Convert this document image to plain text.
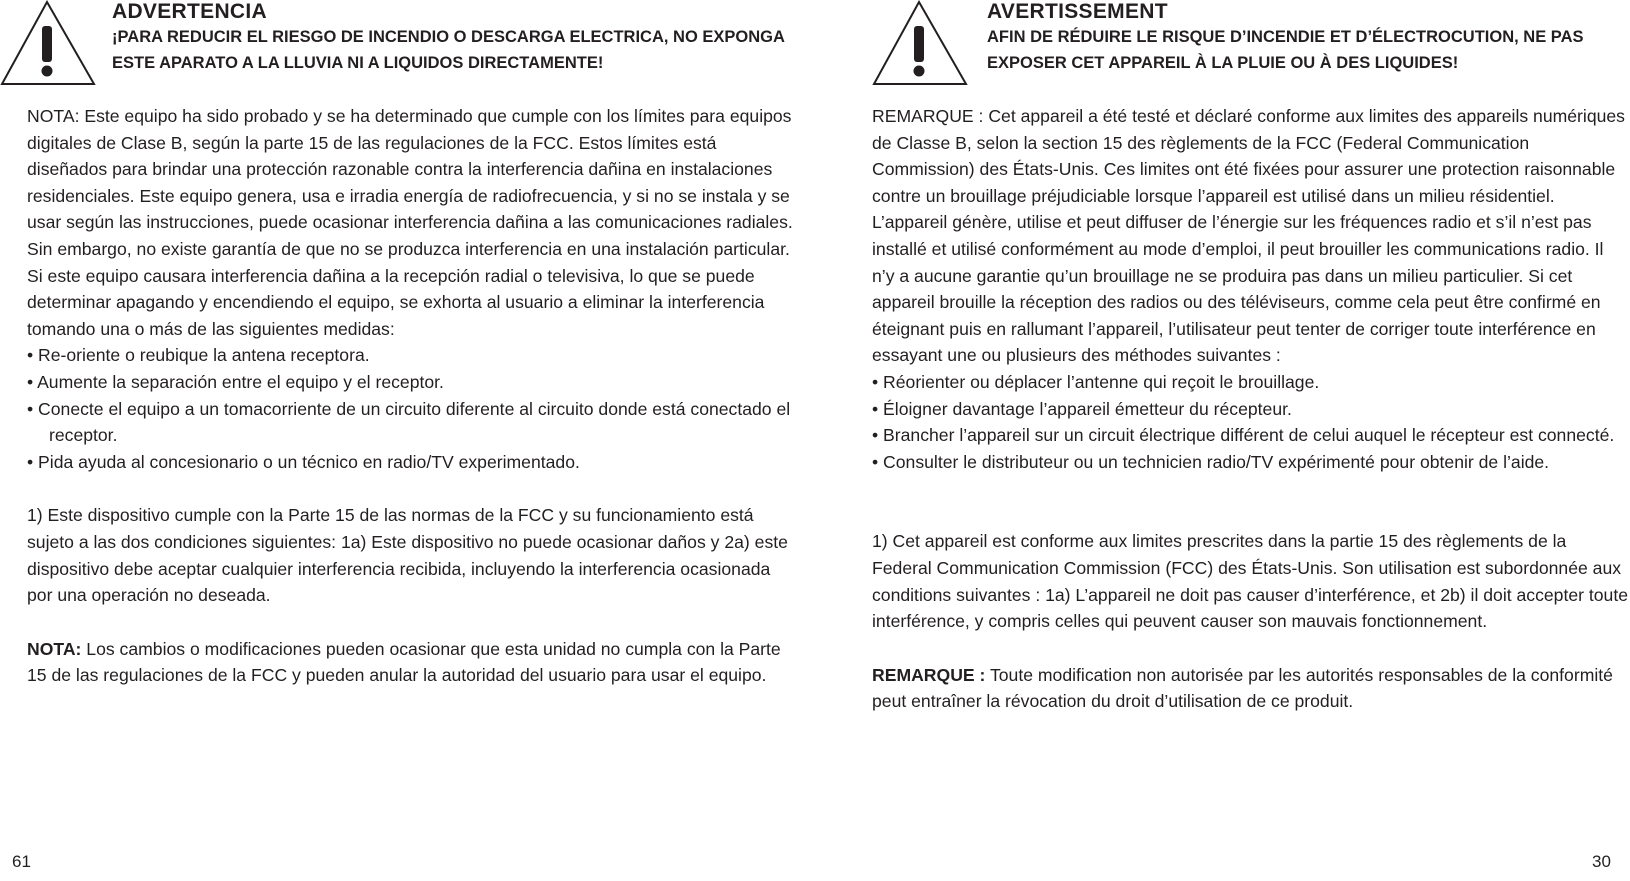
ADVERTENCIA
¡PARA REDUCIR EL RIESGO DE INCENDIO O DESCARGA ELECTRICA, NO EXPONGA ESTE APARATO A LA LLUVIA NI A LIQUIDOS DIRECTAMENTE!

NOTA: Este equipo ha sido probado y se ha determinado que cumple con los límites para equipos digitales de Clase B, según la parte 15 de las regulaciones de la FCC. Estos límites está diseñados para brindar una protección razonable contra la interferencia dañina en instalaciones residenciales. Este equipo genera, usa e irradia energía de radiofrecuencia, y si no se instala y se usar según las instrucciones, puede ocasionar interferencia dañina a las comunicaciones radiales. Sin embargo, no existe garantía de que no se produzca interferencia en una instalación particular. Si este equipo causara interferencia dañina a la recepción radial o televisiva, lo que se puede determinar apagando y encendiendo el equipo, se exhorta al usuario a eliminar la interferencia tomando una o más de las siguientes medidas:

• Re-oriente o reubique la antena receptora.
• Aumente la separación entre el equipo y el receptor.
• Conecte el equipo a un tomacorriente de un circuito diferente al circuito donde está conectado el receptor.
• Pida ayuda al concesionario o un técnico en radio/TV experimentado.

1) Este dispositivo cumple con la Parte 15 de las normas de la FCC y su funcionamiento está sujeto a las dos condiciones siguientes: 1a) Este dispositivo no puede ocasionar daños y 2a) este dispositivo debe aceptar cualquier interferencia recibida, incluyendo la interferencia ocasionada por una operación no deseada.

NOTA: Los cambios o modificaciones pueden ocasionar que esta unidad no cumpla con la Parte 15 de las regulaciones de la FCC y pueden anular la autoridad del usuario para usar el equipo.

61
AVERTISSEMENT
AFIN DE RÉDUIRE LE RISQUE D’INCENDIE ET D’ÉLECTROCUTION, NE PAS EXPOSER CET APPAREIL À LA PLUIE OU À DES LIQUIDES!

REMARQUE : Cet appareil a été testé et déclaré conforme aux limites des appareils numériques de Classe B, selon la section 15 des règlements de la FCC (Federal Communication Commission) des États-Unis. Ces limites ont été fixées pour assurer une protection raisonnable contre un brouillage préjudiciable lorsque l’appareil est utilisé dans un milieu résidentiel. L’appareil génère, utilise et peut diffuser de l’énergie sur les fréquences radio et s’il n’est pas installé et utilisé conformément au mode d’emploi, il peut brouiller les communications radio. Il n’y a aucune garantie qu’un brouillage ne se produira pas dans un milieu particulier. Si cet appareil brouille la réception des radios ou des téléviseurs, comme cela peut être confirmé en éteignant puis en rallumant l’appareil, l’utilisateur peut tenter de corriger toute interférence en essayant une ou plusieurs des méthodes suivantes :

• Réorienter ou déplacer l’antenne qui reçoit le brouillage.
• Éloigner davantage l’appareil émetteur du récepteur.
• Brancher l’appareil sur un circuit électrique différent de celui auquel le récepteur est connecté.
• Consulter le distributeur ou un technicien radio/TV expérimenté pour obtenir de l’aide.

1) Cet appareil est conforme aux limites prescrites dans la partie 15 des règlements de la Federal Communication Commission (FCC) des États-Unis. Son utilisation est subordonnée aux conditions suivantes : 1a) L’appareil ne doit pas causer d’interférence, et 2b) il doit accepter toute interférence, y compris celles qui peuvent causer son mauvais fonctionnement.

REMARQUE : Toute modification non autorisée par les autorités responsables de la conformité peut entraîner la révocation du droit d’utilisation de ce produit.

30
